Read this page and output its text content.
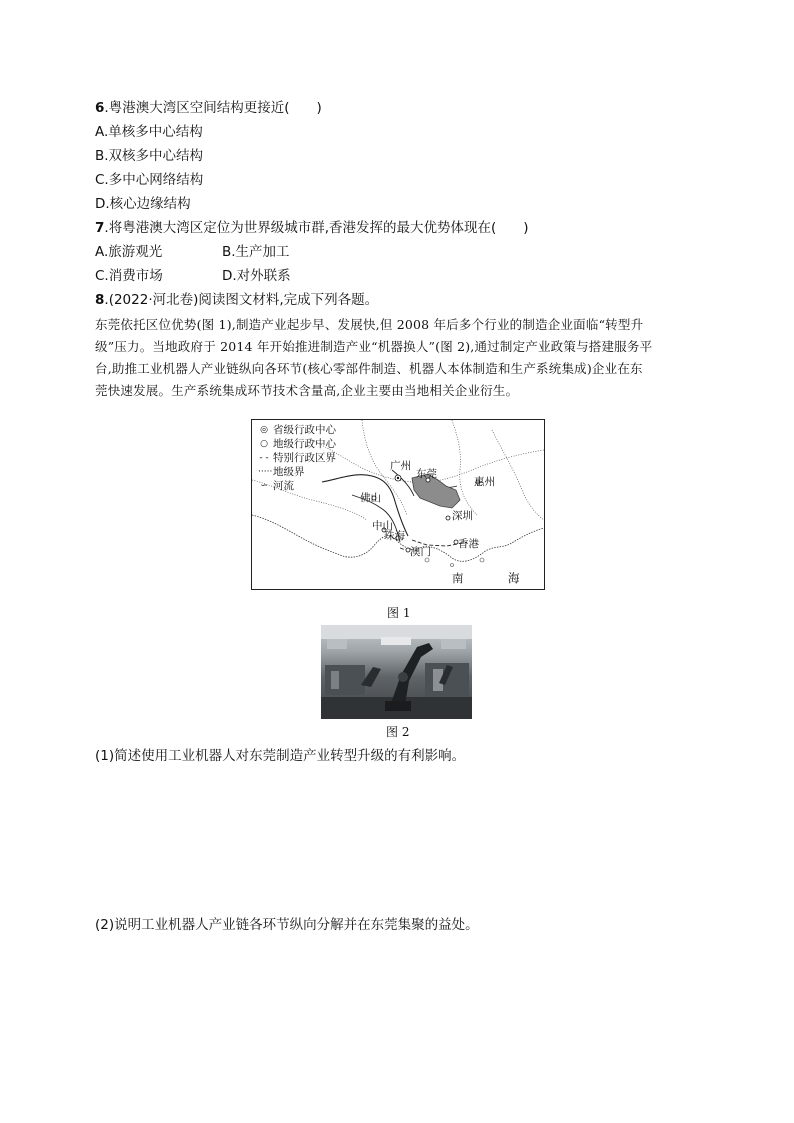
6.粤港澳大湾区空间结构更接近(　　)
A.单核多中心结构
B.双核多中心结构
C.多中心网络结构
D.核心边缘结构
7.将粤港澳大湾区定位为世界级城市群,香港发挥的最大优势体现在(　　)
A.旅游观光	B.生产加工
C.消费市场	D.对外联系
8.(2022·河北卷)阅读图文材料,完成下列各题。
东莞依托区位优势(图 1),制造产业起步早、发展快,但 2008 年后多个行业的制造企业面临“转型升
级”压力。当地政府于 2014 年开始推进制造产业“机器换人”(图 2),通过制定产业政策与搭建服务平
台,助推工业机器人产业链纵向各环节(核心零部件制造、机器人本体制造和生产系统集成)企业在东
莞快速发展。生产系统集成环节技术含量高,企业主要由当地相关企业衍生。
◎ 省级行政中心
○ 地级行政中心
- - 特别行政区界
····· 地级界
∽ 河流
广州
东莞
惠州
佛山
中山
深圳
珠海
澳门
香港
南	海
图 1
图 2
(1)简述使用工业机器人对东莞制造产业转型升级的有利影响。
(2)说明工业机器人产业链各环节纵向分解并在东莞集聚的益处。
